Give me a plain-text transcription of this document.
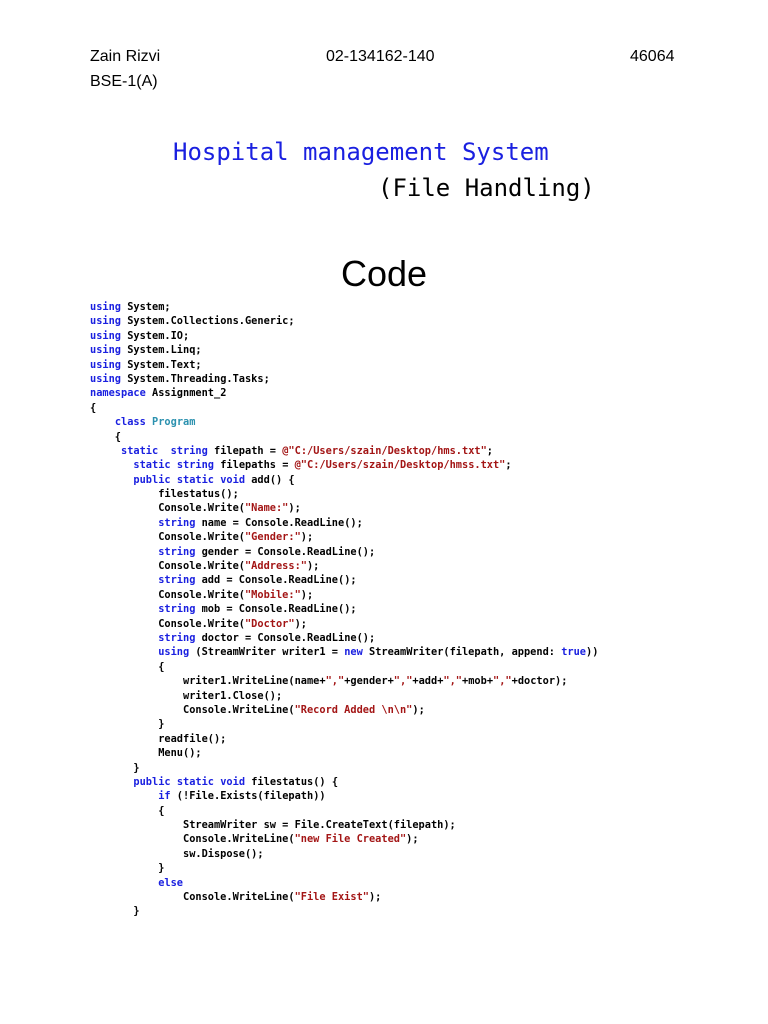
Zain Rizvi	02-134162-140	46064
BSE-1(A)
Hospital management System
(File Handling)
Code
using System;
using System.Collections.Generic;
using System.IO;
using System.Linq;
using System.Text;
using System.Threading.Tasks;
namespace Assignment_2
{
class Program
{
static string filepath = @"C:/Users/szain/Desktop/hms.txt";
static string filepaths = @"C:/Users/szain/Desktop/hmss.txt";
public static void add() {
filestatus();
Console.Write("Name:");
string name = Console.ReadLine();
Console.Write("Gender:");
string gender = Console.ReadLine();
Console.Write("Address:");
string add = Console.ReadLine();
Console.Write("Mobile:");
string mob = Console.ReadLine();
Console.Write("Doctor");
string doctor = Console.ReadLine();
using (StreamWriter writer1 = new StreamWriter(filepath, append: true))
{
writer1.WriteLine(name+","+gender+","+add+","+mob+","+doctor);
writer1.Close();
Console.WriteLine("Record Added \n\n");
}
readfile();
Menu();
}
public static void filestatus() {
if (!File.Exists(filepath))
{
StreamWriter sw = File.CreateText(filepath);
Console.WriteLine("new File Created");
sw.Dispose();
}
else
Console.WriteLine("File Exist");
}
